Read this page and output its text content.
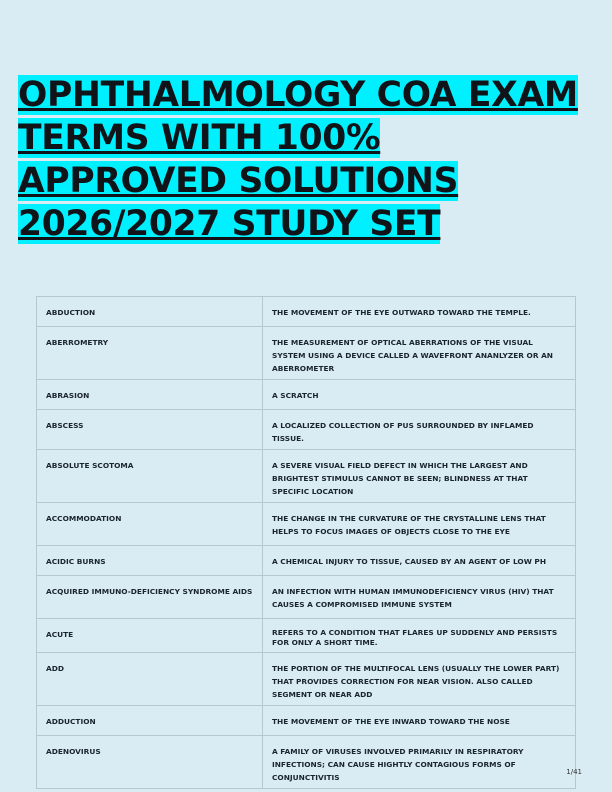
OPHTHALMOLOGY COA EXAM
TERMS WITH 100%
APPROVED SOLUTIONS
2026/2027 STUDY SET
ABDUCTION	THE MOVEMENT OF THE EYE OUTWARD TOWARD THE TEMPLE.
ABERROMETRY	THE MEASUREMENT OF OPTICAL ABERRATIONS OF THE VISUAL SYSTEM USING A DEVICE CALLED A WAVEFRONT ANANLYZER OR AN ABERROMETER
ABRASION	A SCRATCH
ABSCESS	A LOCALIZED COLLECTION OF PUS SURROUNDED BY INFLAMED TISSUE.
ABSOLUTE SCOTOMA	A SEVERE VISUAL FIELD DEFECT IN WHICH THE LARGEST AND BRIGHTEST STIMULUS CANNOT BE SEEN; BLINDNESS AT THAT SPECIFIC LOCATION
ACCOMMODATION	THE CHANGE IN THE CURVATURE OF THE CRYSTALLINE LENS THAT HELPS TO FOCUS IMAGES OF OBJECTS CLOSE TO THE EYE
ACIDIC BURNS	A CHEMICAL INJURY TO TISSUE, CAUSED BY AN AGENT OF LOW PH
ACQUIRED IMMUNO-DEFICIENCY SYNDROME AIDS	AN INFECTION WITH HUMAN IMMUNODEFICIENCY VIRUS (HIV) THAT CAUSES A COMPROMISED IMMUNE SYSTEM
ACUTE	REFERS TO A CONDITION THAT FLARES UP SUDDENLY AND PERSISTS FOR ONLY A SHORT TIME.
ADD	THE PORTION OF THE MULTIFOCAL LENS (USUALLY THE LOWER PART) THAT PROVIDES CORRECTION FOR NEAR VISION. ALSO CALLED SEGMENT OR NEAR ADD
ADDUCTION	THE MOVEMENT OF THE EYE INWARD TOWARD THE NOSE
ADENOVIRUS	A FAMILY OF VIRUSES INVOLVED PRIMARILY IN RESPIRATORY INFECTIONS; CAN CAUSE HIGHTLY CONTAGIOUS FORMS OF CONJUNCTIVITIS
1/41
